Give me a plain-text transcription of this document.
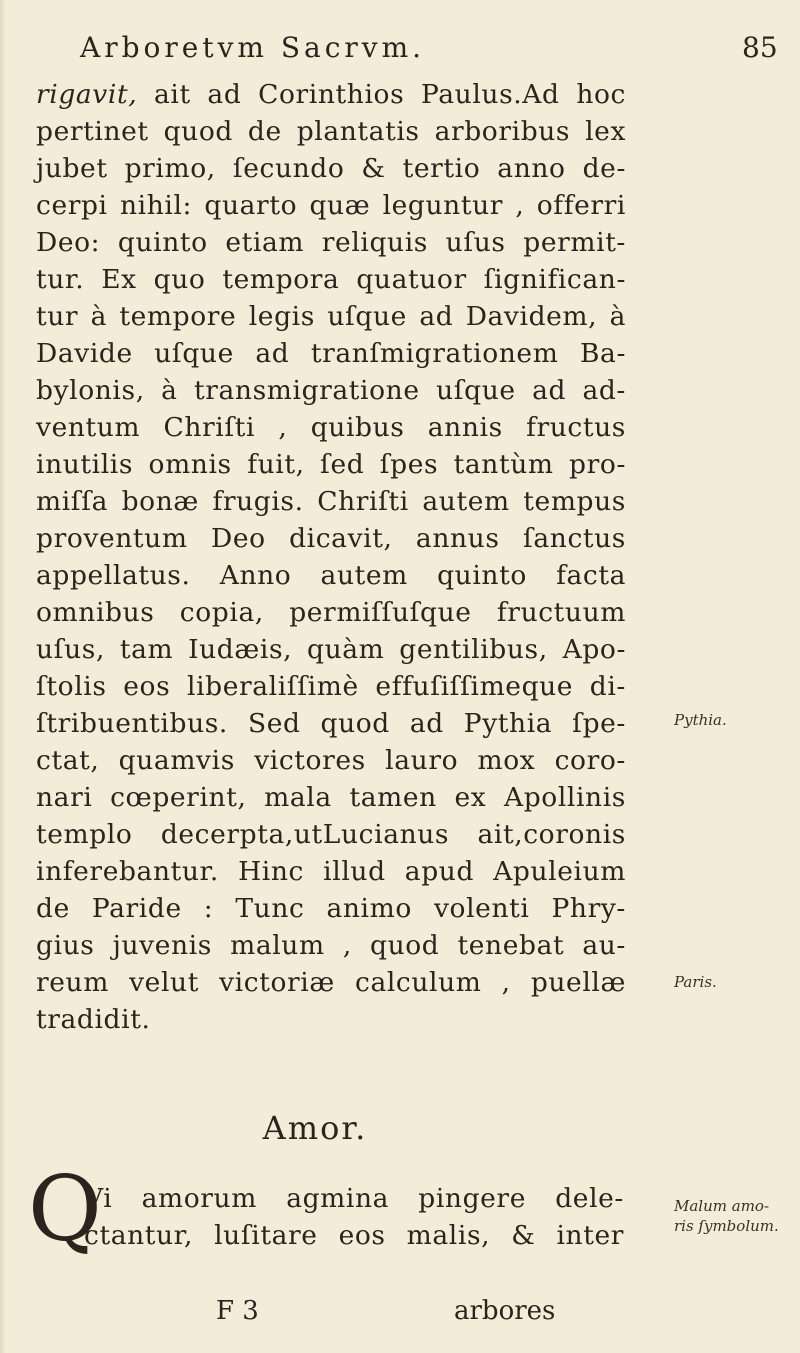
Arboretvm Sacrvm.	85
rigavit, ait ad Corinthios Paulus.Ad hoc
pertinet quod de plantatis arboribus lex
jubet primo, ſecundo & tertio anno de-
cerpi nihil: quarto quæ leguntur , offerri
Deo: quinto etiam reliquis uſus permit-
tur. Ex quo tempora quatuor ſignifican-
tur à tempore legis uſque ad Davidem, à
Davide uſque ad tranſmigrationem Ba-
bylonis, à transmigratione uſque ad ad-
ventum Chriſti , quibus annis fructus
inutilis omnis fuit, ſed ſpes tantùm pro-
miſſa bonæ frugis. Chriſti autem tempus
proventum Deo dicavit, annus ſanctus
appellatus. Anno autem quinto facta
omnibus copia, permiſſuſque fructuum
uſus, tam Iudæis, quàm gentilibus, Apo-
ſtolis eos liberaliſſimè effuſiſſimeque di-
ſtribuentibus. Sed quod ad Pythia ſpe-
ctat, quamvis victores lauro mox coro-
nari cœperint, mala tamen ex Apollinis
templo decerpta,utLucianus ait,coronis
inferebantur. Hinc illud apud Apuleium
de Paride : Tunc animo volenti Phry-
gius juvenis malum , quod tenebat au-
reum velut victoriæ calculum , puellæ
tradidit.
Pythia.
Paris.
Amor.
Q
Vi amorum agmina pingere dele-
ctantur, luſitare eos malis, & inter
Malum amo-
ris ſymbolum.
F 3	arbores
